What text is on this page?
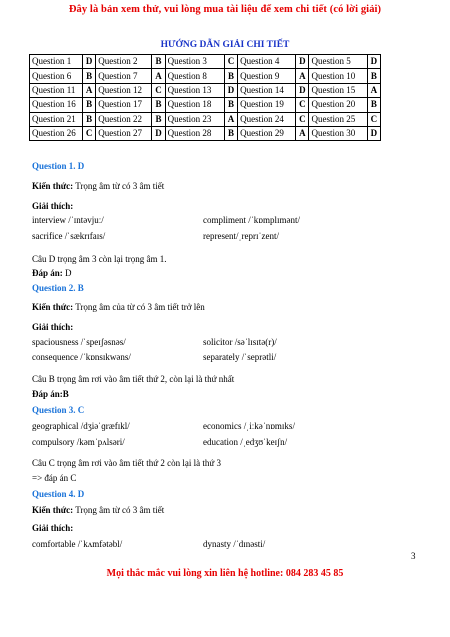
Đây là bản xem thử, vui lòng mua tài liệu để xem chi tiết (có lời giải)
HƯỚNG DẪN GIẢI CHI TIẾT
Question 1	D	Question 2	B	Question 3	C	Question 4	D	Question 5	D
Question 6	B	Question 7	A	Question 8	B	Question 9	A	Question 10	B
Question 11	A	Question 12	C	Question 13	D	Question 14	D	Question 15	A
Question 16	B	Question 17	B	Question 18	B	Question 19	C	Question 20	B
Question 21	B	Question 22	B	Question 23	A	Question 24	C	Question 25	C
Question 26	C	Question 27	D	Question 28	B	Question 29	A	Question 30	D
Question 1. D
Kiến thức: Trọng âm từ có 3 âm tiết
Giải thích:
interview /ˈɪntəvjuː/	compliment /ˈkɒmplɪmənt/
sacrifice /ˈsækrɪfaɪs/	represent/ˌreprɪˈzent/
Câu D trọng âm 3 còn lại trọng âm 1.
Đáp án: D
Question 2. B
Kiến thức: Trọng âm của từ có 3 âm tiết trở lên
Giải thích:
spaciousness /ˈspeɪʃəsnəs/	solicitor /səˈlɪsɪtə(r)/
consequence /ˈkɒnsɪkwəns/	separately /ˈseprətli/
Câu B trọng âm rơi vào âm tiết thứ 2, còn lại là thứ nhất
Đáp án:B
Question 3. C
geographical /dʒiəˈɡræfɪkl/	economics /ˌiːkəˈnɒmɪks/
compulsory /kəmˈpʌlsəri/	education /ˌedʒʊˈkeɪʃn/
Câu C trọng âm rơi vào âm tiết thứ 2 còn lại là thứ 3
=> đáp án C
Question 4. D
Kiến thức: Trọng âm từ có 3 âm tiết
Giải thích:
comfortable /ˈkʌmfətəbl/	dynasty /ˈdɪnəsti/
3
Mọi thắc mắc vui lòng xin liên hệ hotline: 084 283 45 85
